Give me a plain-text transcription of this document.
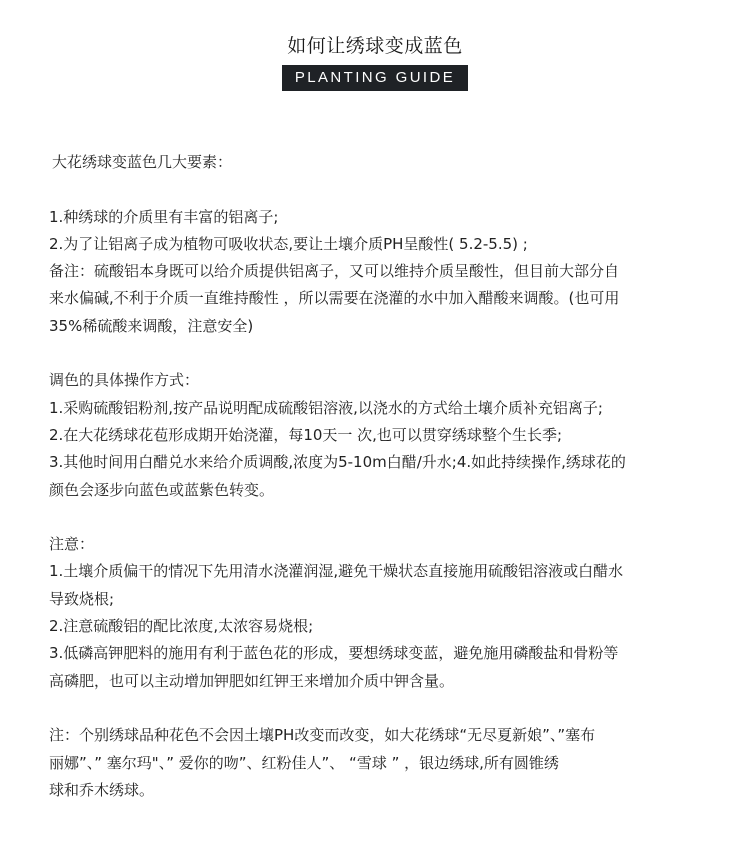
如何让绣球变成蓝色
PLANTING GUIDE

大花绣球变蓝色几大要素：

1.种绣球的介质里有丰富的铝离子;

2.为了让铝离子成为植物可吸收状态,要让土壤介质PH呈酸性( 5.2-5.5) ;

备注：硫酸铝本身既可以给介质提供铝离子，又可以维持介质呈酸性，但目前大部分自

来水偏碱,不利于介质一直维持酸性 ，所以需要在浇灌的水中加入醋酸来调酸。(也可用

35%稀硫酸来调酸，注意安全)

调色的具体操作方式：

1.采购硫酸铝粉剂,按产品说明配成硫酸铝溶液,以浇水的方式给土壤介质补充铝离子;

2.在大花绣球花苞形成期开始浇灌，每10天一 次,也可以贯穿绣球整个生长季;

3.其他时间用白醋兑水来给介质调酸,浓度为5-10m白醋/升水;4.如此持续操作,绣球花的

颜色会逐步向蓝色或蓝紫色转变。

注意：

1.土壤介质偏干的情况下先用清水浇灌润湿,避免干燥状态直接施用硫酸铝溶液或白醋水

导致烧根;

2.注意硫酸铝的配比浓度,太浓容易烧根;

3.低磷高钾肥料的施用有利于蓝色花的形成，要想绣球变蓝，避免施用磷酸盐和骨粉等

高磷肥，也可以主动增加钾肥如红钾王来增加介质中钾含量。

注：个别绣球品种花色不会因土壤PH改变而改变，如大花绣球“无尽夏新娘”、”塞布

丽娜”、” 塞尔玛"、” 爱你的吻”、红粉佳人”、 “雪球 ” ，银边绣球,所有圆锥绣

球和乔木绣球。
